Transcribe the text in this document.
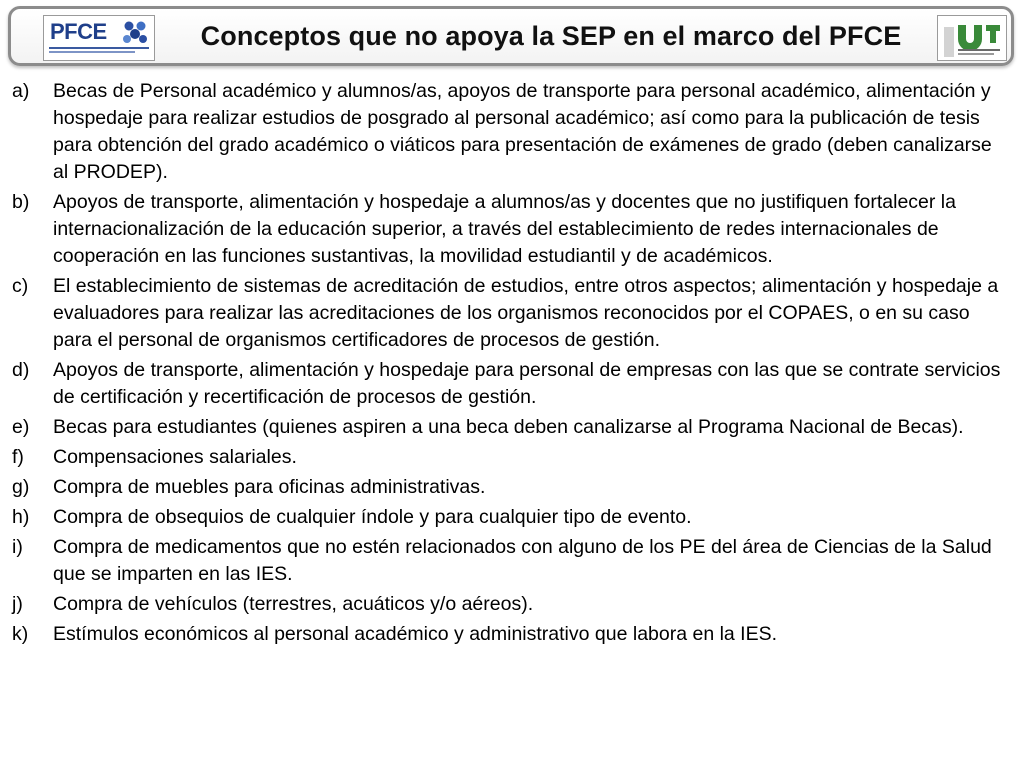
PFCE	Conceptos que no apoya la SEP en el marco del PFCE
a)	Becas de Personal académico y alumnos/as, apoyos de transporte para personal académico, alimentación y hospedaje para realizar estudios de posgrado al personal académico; así como para la publicación de tesis para obtención del grado académico o viáticos para presentación de exámenes de grado (deben canalizarse al PRODEP).
b)	Apoyos de transporte, alimentación y hospedaje a alumnos/as y docentes que no justifiquen fortalecer la internacionalización de la educación superior, a través del establecimiento de redes internacionales de cooperación en las funciones sustantivas, la movilidad estudiantil y de académicos.
c)	El establecimiento de sistemas de acreditación de estudios, entre otros aspectos; alimentación y hospedaje a evaluadores para realizar las acreditaciones de los organismos reconocidos por el COPAES, o en su caso para el personal de organismos certificadores de procesos de gestión.
d)	Apoyos de transporte, alimentación y hospedaje para personal de empresas con las que se contrate servicios de certificación y recertificación de procesos de gestión.
e)	Becas para estudiantes (quienes aspiren a una beca deben canalizarse al Programa Nacional de Becas).
f)	Compensaciones salariales.
g)	Compra de muebles para oficinas administrativas.
h)	Compra de obsequios de cualquier índole y para cualquier tipo de evento.
i)	Compra de medicamentos que no estén relacionados con alguno de los PE del área de Ciencias de la Salud que se imparten en las IES.
j)	Compra de vehículos (terrestres, acuáticos y/o aéreos).
k)	Estímulos económicos al personal académico y administrativo que labora en la IES.
